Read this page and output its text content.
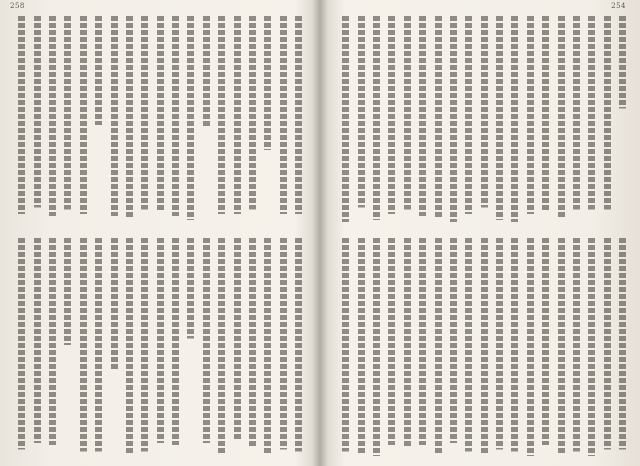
258	254
